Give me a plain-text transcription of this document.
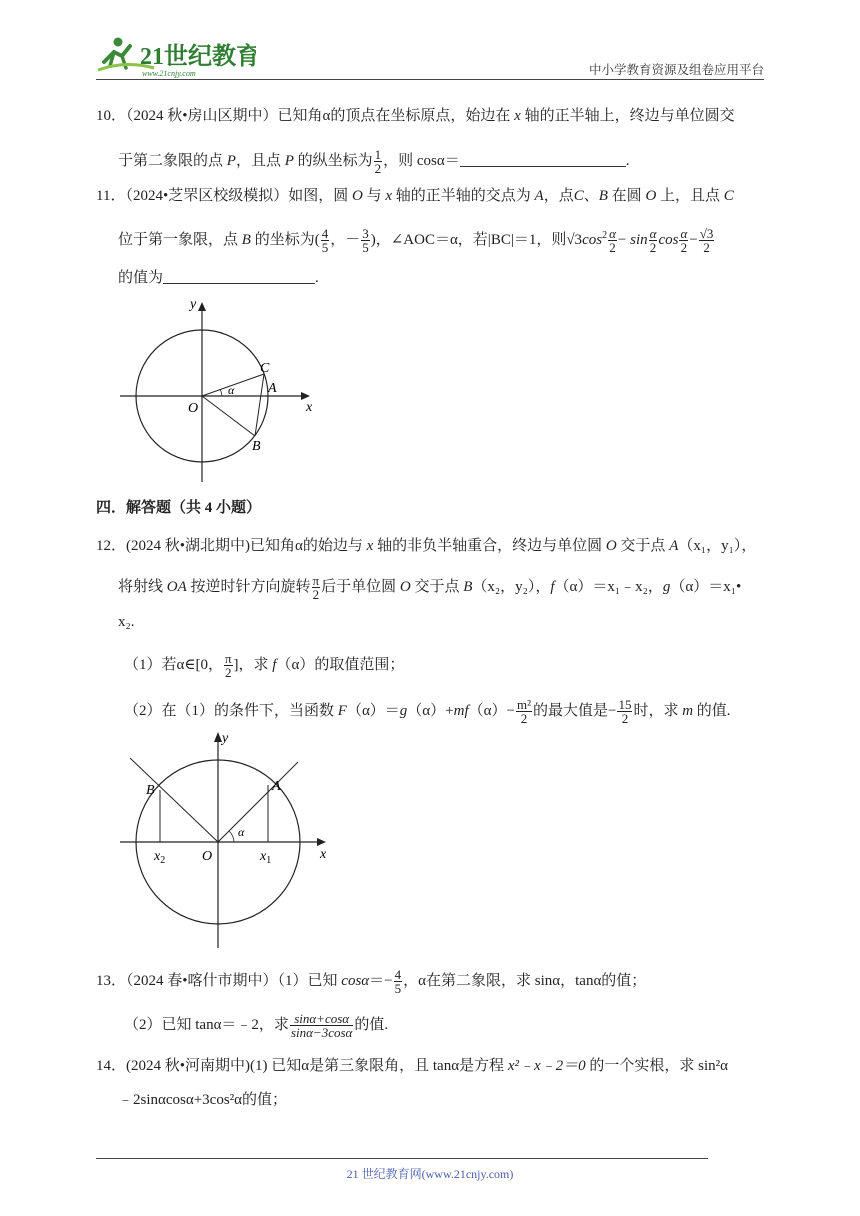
21世纪教育
www.21cnjy.com	中小学教育资源及组卷应用平台
10．（2024 秋•房山区期中）已知角α的顶点在坐标原点，始边在 x 轴的正半轴上，终边与单位圆交
于第二象限的点 P，且点 P 的纵坐标为 $\frac{1}{2}$ ，则 cosα＝	.
11．（2024•芝罘区校级模拟）如图，圆 O 与 x 轴的正半轴的交点为 A，点C、B 在圆 O 上，且点 C
位于第一象限，点 B 的坐标为( $\frac{4}{5}$ ，－ $\frac{3}{5}$ )，∠AOC＝α，若|BC|＝1，则$√3\cos^2 \frac{\alpha}{2} - \sin \frac{\alpha}{2}$ $\cos \frac{\alpha}{2} - \frac{√3}{2}$
的值为	.
y
x
O
C
A
B
α
四．解答题（共 4 小题）
12．(2024 秋•湖北期中)已知角α的始边与 x 轴的非负半轴重合，终边与单位圆 O 交于点 A（x₁，y₁），
将射线 OA 按逆时针方向旋转 $\frac{\pi}{2}$ 后于单位圆 O 交于点 B（x₂，y₂），f（α）＝x₁﹣x₂，g（α）＝x₁•
x₂.
（1）若α∈[0， $\frac{\pi}{2}$ ]，求 f（α）的取值范围；
（2）在（1）的条件下，当函数 $F(\alpha)=g(\alpha)+mf(\alpha)- \frac{\text{m²}}{2}$ 的最大值是− $\frac{15}{2}$ 时，求 m 的值.
y
x
O
A
B
$x_1$
$x_2$
α
13．（2024 春•喀什市期中）（1）已知 $\cos\alpha=- \frac{4}{5}$ ，α在第二象限，求 sinα，tanα的值；
（2）已知 tanα＝﹣2，求 $\frac{\sin\alpha+\cos\alpha}{\sin\alpha-3\cos\alpha}$ 的值.
14．(2024 秋•河南期中)(1) 已知α是第三象限角，且 tanα是方程 x²﹣x﹣2＝0 的一个实根，求 sin²α
﹣2sinαcosα+3cos²α的值；
21 世纪教育网(www.21cnjy.com)
